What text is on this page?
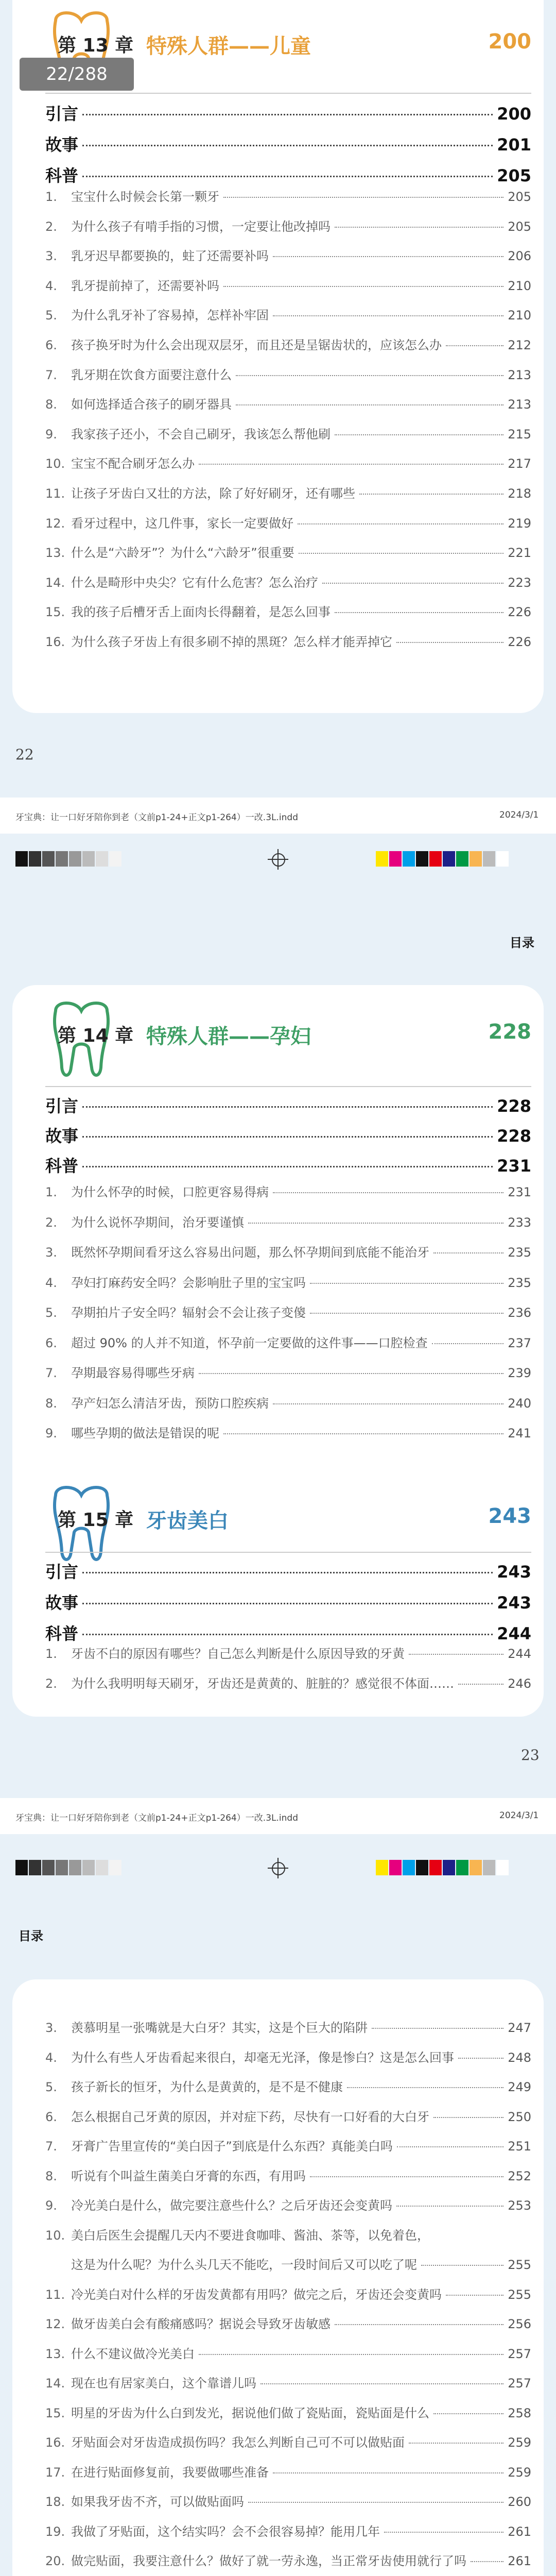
22/288
第 13 章 特殊人群——儿童	200
引言	200
故事	201
科普	205
1.	宝宝什么时候会长第一颗牙	205
2.	为什么孩子有啃手指的习惯，一定要让他改掉吗	205
3.	乳牙迟早都要换的，蛀了还需要补吗	206
4.	乳牙提前掉了，还需要补吗	210
5.	为什么乳牙补了容易掉，怎样补牢固	210
6.	孩子换牙时为什么会出现双层牙，而且还是呈锯齿状的，应该怎么办	212
7.	乳牙期在饮食方面要注意什么	213
8.	如何选择适合孩子的刷牙器具	213
9.	我家孩子还小，不会自己刷牙，我该怎么帮他刷	215
10. 宝宝不配合刷牙怎么办	217
11. 让孩子牙齿白又壮的方法，除了好好刷牙，还有哪些	218
12. 看牙过程中，这几件事，家长一定要做好	219
13. 什么是“六龄牙”？为什么“六龄牙”很重要	221
14. 什么是畸形中央尖？它有什么危害？怎么治疗	223
15. 我的孩子后槽牙舌上面肉长得翻着，是怎么回事	226
16. 为什么孩子牙齿上有很多刷不掉的黑斑？怎么样才能弄掉它	226
22
牙宝典：让一口好牙陪你到老（文前p1-24+正文p1-264）一改.3L.indd	2024/3/1
目录
第 14 章 特殊人群——孕妇	228
引言	228
故事	228
科普	231
1.	为什么怀孕的时候，口腔更容易得病	231
2.	为什么说怀孕期间，治牙要谨慎	233
3.	既然怀孕期间看牙这么容易出问题，那么怀孕期间到底能不能治牙	235
4.	孕妇打麻药安全吗？会影响肚子里的宝宝吗	235
5.	孕期拍片子安全吗？辐射会不会让孩子变傻	236
6.	超过 90% 的人并不知道，怀孕前一定要做的这件事——口腔检查	237
7.	孕期最容易得哪些牙病	239
8.	孕产妇怎么清洁牙齿，预防口腔疾病	240
9.	哪些孕期的做法是错误的呢	241
第 15 章 牙齿美白	243
引言	243
故事	243
科普	244
1.	牙齿不白的原因有哪些？自己怎么判断是什么原因导致的牙黄	244
2.	为什么我明明每天刷牙，牙齿还是黄黄的、脏脏的？感觉很不体面……	246
23
牙宝典：让一口好牙陪你到老（文前p1-24+正文p1-264）一改.3L.indd	2024/3/1
目录
3.	羡慕明星一张嘴就是大白牙？其实，这是个巨大的陷阱	247
4.	为什么有些人牙齿看起来很白，却毫无光泽，像是惨白？这是怎么回事	248
5.	孩子新长的恒牙，为什么是黄黄的，是不是不健康	249
6.	怎么根据自己牙黄的原因，并对症下药，尽快有一口好看的大白牙	250
7.	牙膏广告里宣传的“美白因子”到底是什么东西？真能美白吗	251
8.	听说有个叫益生菌美白牙膏的东西，有用吗	252
9.	冷光美白是什么，做完要注意些什么？之后牙齿还会变黄吗	253
10. 美白后医生会提醒几天内不要进食咖啡、酱油、茶等，以免着色，
这是为什么呢？为什么头几天不能吃，一段时间后又可以吃了呢	255
11. 冷光美白对什么样的牙齿发黄都有用吗？做完之后，牙齿还会变黄吗	255
12. 做牙齿美白会有酸痛感吗？据说会导致牙齿敏感	256
13. 什么不建议做冷光美白	257
14. 现在也有居家美白，这个靠谱儿吗	257
15. 明星的牙齿为什么白到发光，据说他们做了瓷贴面，瓷贴面是什么	258
16. 牙贴面会对牙齿造成损伤吗？我怎么判断自己可不可以做贴面	259
17. 在进行贴面修复前，我要做哪些准备	259
18. 如果我牙齿不齐，可以做贴面吗	260
19. 我做了牙贴面，这个结实吗？会不会很容易掉？能用几年	261
20. 做完贴面，我要注意什么？做好了就一劳永逸，当正常牙齿使用就行了吗	261
